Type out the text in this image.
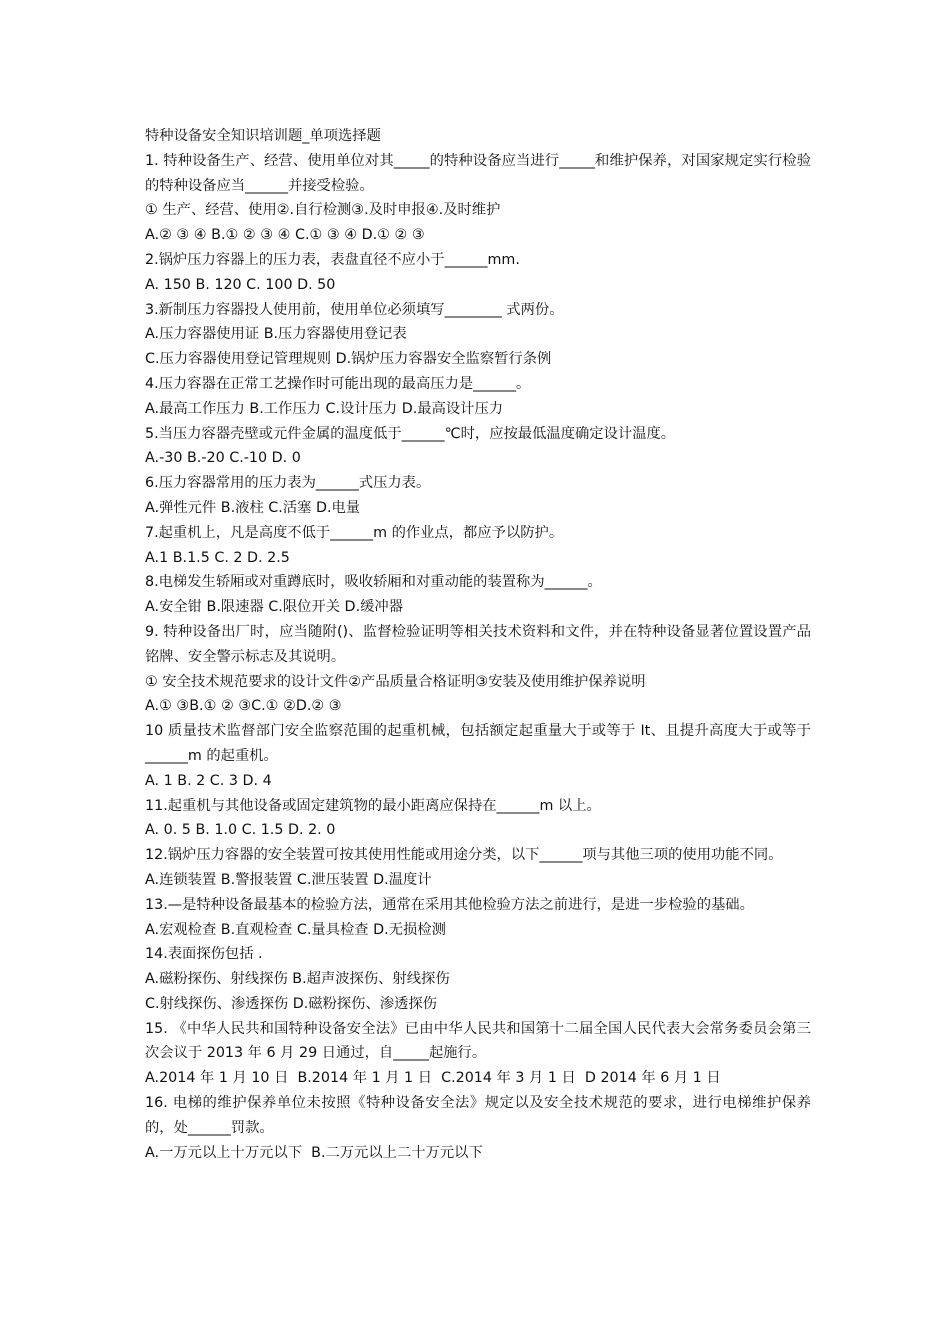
特种设备安全知识培训题_单项选择题

1. 特种设备生产、经营、使用单位对其_____的特种设备应当进行_____和维护保养，对国家规定实行检验的特种设备应当______并接受检验。

① 生产、经营、使用②.自行检测③.及时申报④.及时维护

A.② ③ ④ B.① ② ③ ④ C.① ③ ④ D.① ② ③

2.锅炉压力容器上的压力表，表盘直径不应小于______mm.

A. 150 B. 120 C. 100 D. 50

3.新制压力容器投人使用前，使用单位必须填写________ 式两份。

A.压力容器使用证 B.压力容器使用登记表

C.压力容器使用登记管理规则 D.锅炉压力容器安全监察暂行条例

4.压力容器在正常工艺操作时可能出现的最高压力是______。

A.最高工作压力 B.工作压力 C.设计压力 D.最高设计压力

5.当压力容器壳壁或元件金属的温度低于______℃时，应按最低温度确定设计温度。

A.-30 B.-20 C.-10 D. 0

6.压力容器常用的压力表为______式压力表。

A.弹性元件 B.液柱 C.活塞 D.电量

7.起重机上，凡是高度不低于______m 的作业点，都应予以防护。

A.1 B.1.5 C. 2 D. 2.5

8.电梯发生轿厢或对重蹲底时，吸收轿厢和对重动能的装置称为______。

A.安全钳 B.限速器 C.限位开关 D.缓冲器

9. 特种设备出厂时，应当随附()、监督检验证明等相关技术资料和文件，并在特种设备显著位置设置产品铭牌、安全警示标志及其说明。

① 安全技术规范要求的设计文件②产品质量合格证明③安装及使用维护保养说明

A.① ③B.① ② ③C.① ②D.② ③

10 质量技术监督部门安全监察范围的起重机械，包括额定起重量大于或等于 It、且提升高度大于或等于______m 的起重机。

A. 1 B. 2 C. 3 D. 4

11.起重机与其他设备或固定建筑物的最小距离应保持在______m 以上。

A. 0. 5 B. 1.0 C. 1.5 D. 2. 0

12.锅炉压力容器的安全装置可按其使用性能或用途分类，以下______项与其他三项的使用功能不同。

A.连锁装置 B.警报装置 C.泄压装置 D.温度计

13.—是特种设备最基本的检验方法，通常在采用其他检验方法之前进行，是进一步检验的基础。

A.宏观检查 B.直观检查 C.量具检查 D.无损检测

14.表面探伤包括 .

A.磁粉探伤、射线探伤 B.超声波探伤、射线探伤

C.射线探伤、渗透探伤 D.磁粉探伤、渗透探伤

15. 《中华人民共和国特种设备安全法》已由中华人民共和国第十二届全国人民代表大会常务委员会第三次会议于 2013 年 6 月 29 日通过，自_____起施行。

A.2014 年 1 月 10 日  B.2014 年 1 月 1 日  C.2014 年 3 月 1 日  D 2014 年 6 月 1 日

16. 电梯的维护保养单位未按照《特种设备安全法》规定以及安全技术规范的要求，进行电梯维护保养的，处______罚款。

A.一万元以上十万元以下  B.二万元以上二十万元以下
